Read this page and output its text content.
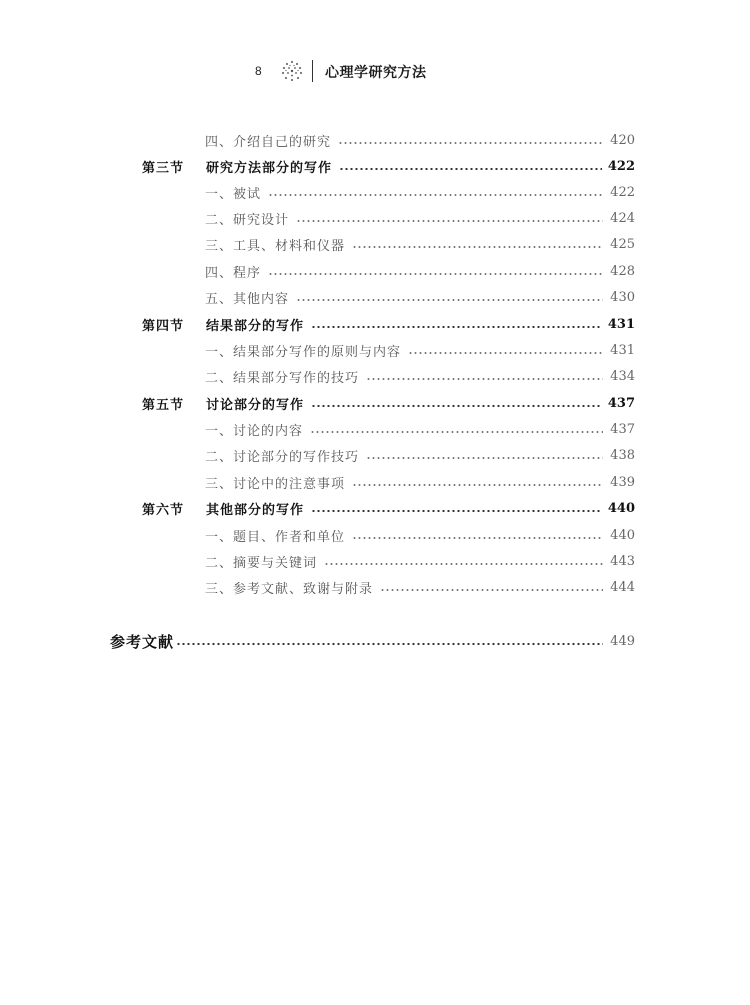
8	心理学研究方法
四、介绍自己的研究	420
第三节	研究方法部分的写作	422
一、被试	422
二、研究设计	424
三、工具、材料和仪器	425
四、程序	428
五、其他内容	430
第四节	结果部分的写作	431
一、结果部分写作的原则与内容	431
二、结果部分写作的技巧	434
第五节	讨论部分的写作	437
一、讨论的内容	437
二、讨论部分的写作技巧	438
三、讨论中的注意事项	439
第六节	其他部分的写作	440
一、题目、作者和单位	440
二、摘要与关键词	443
三、参考文献、致谢与附录	444
参考文献	449
